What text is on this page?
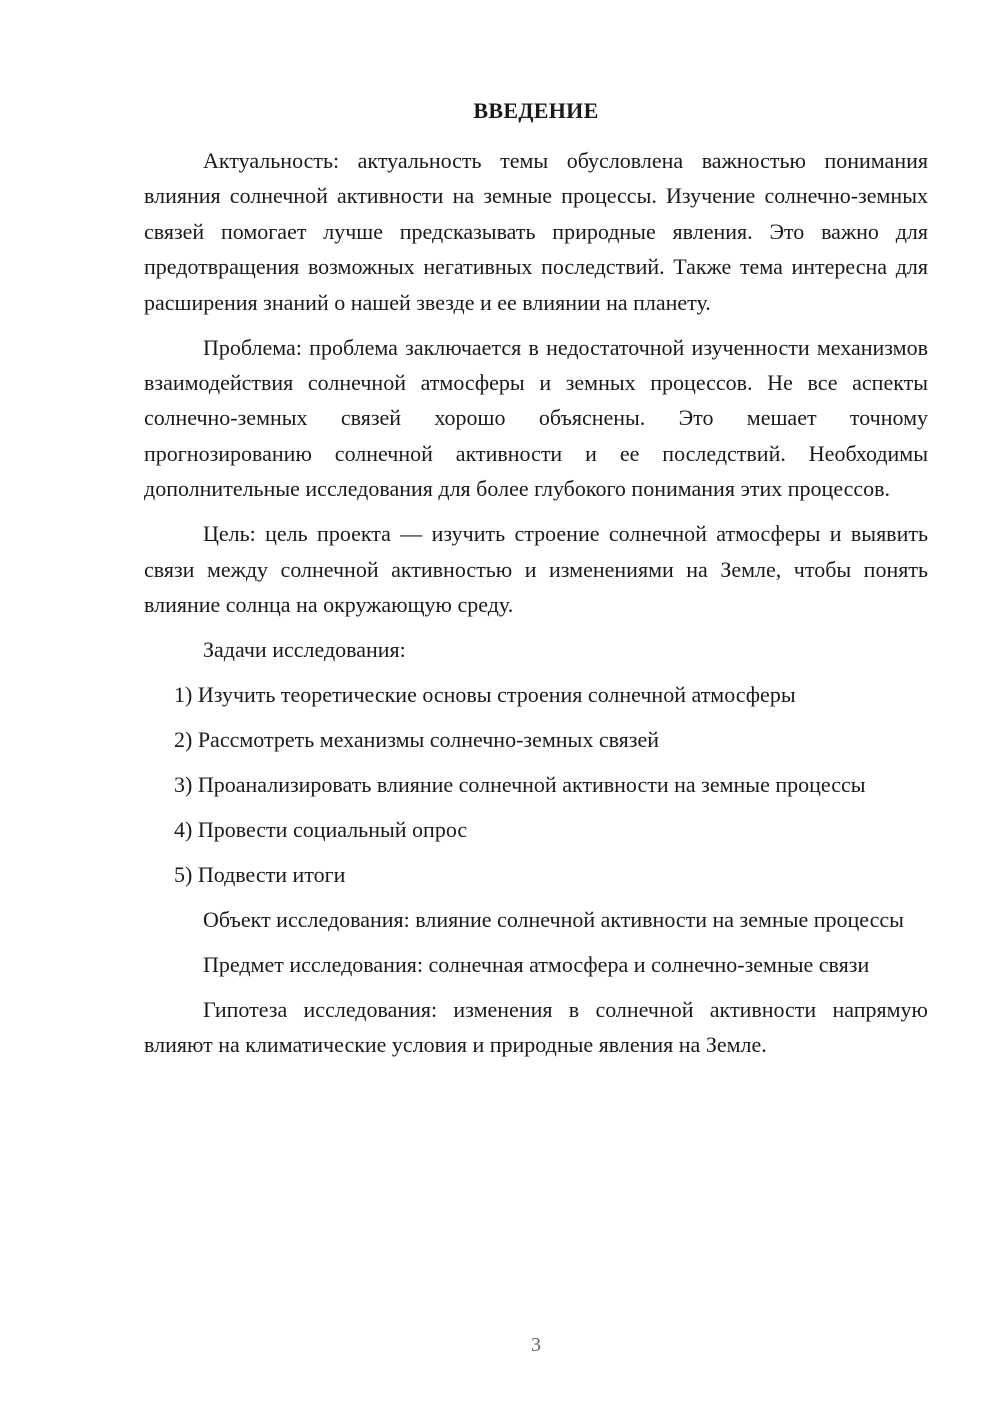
ВВЕДЕНИЕ

Актуальность: актуальность темы обусловлена важностью понимания влияния солнечной активности на земные процессы. Изучение солнечно-земных связей помогает лучше предсказывать природные явления. Это важно для предотвращения возможных негативных последствий. Также тема интересна для расширения знаний о нашей звезде и ее влиянии на планету.

Проблема: проблема заключается в недостаточной изученности механизмов взаимодействия солнечной атмосферы и земных процессов. Не все аспекты солнечно-земных связей хорошо объяснены. Это мешает точному прогнозированию солнечной активности и ее последствий. Необходимы дополнительные исследования для более глубокого понимания этих процессов.

Цель: цель проекта — изучить строение солнечной атмосферы и выявить связи между солнечной активностью и изменениями на Земле, чтобы понять влияние солнца на окружающую среду.

Задачи исследования:

1) Изучить теоретические основы строения солнечной атмосферы

2) Рассмотреть механизмы солнечно-земных связей

3) Проанализировать влияние солнечной активности на земные процессы

4) Провести социальный опрос

5) Подвести итоги

Объект исследования: влияние солнечной активности на земные процессы

Предмет исследования: солнечная атмосфера и солнечно-земные связи

Гипотеза исследования: изменения в солнечной активности напрямую влияют на климатические условия и природные явления на Земле.

3
